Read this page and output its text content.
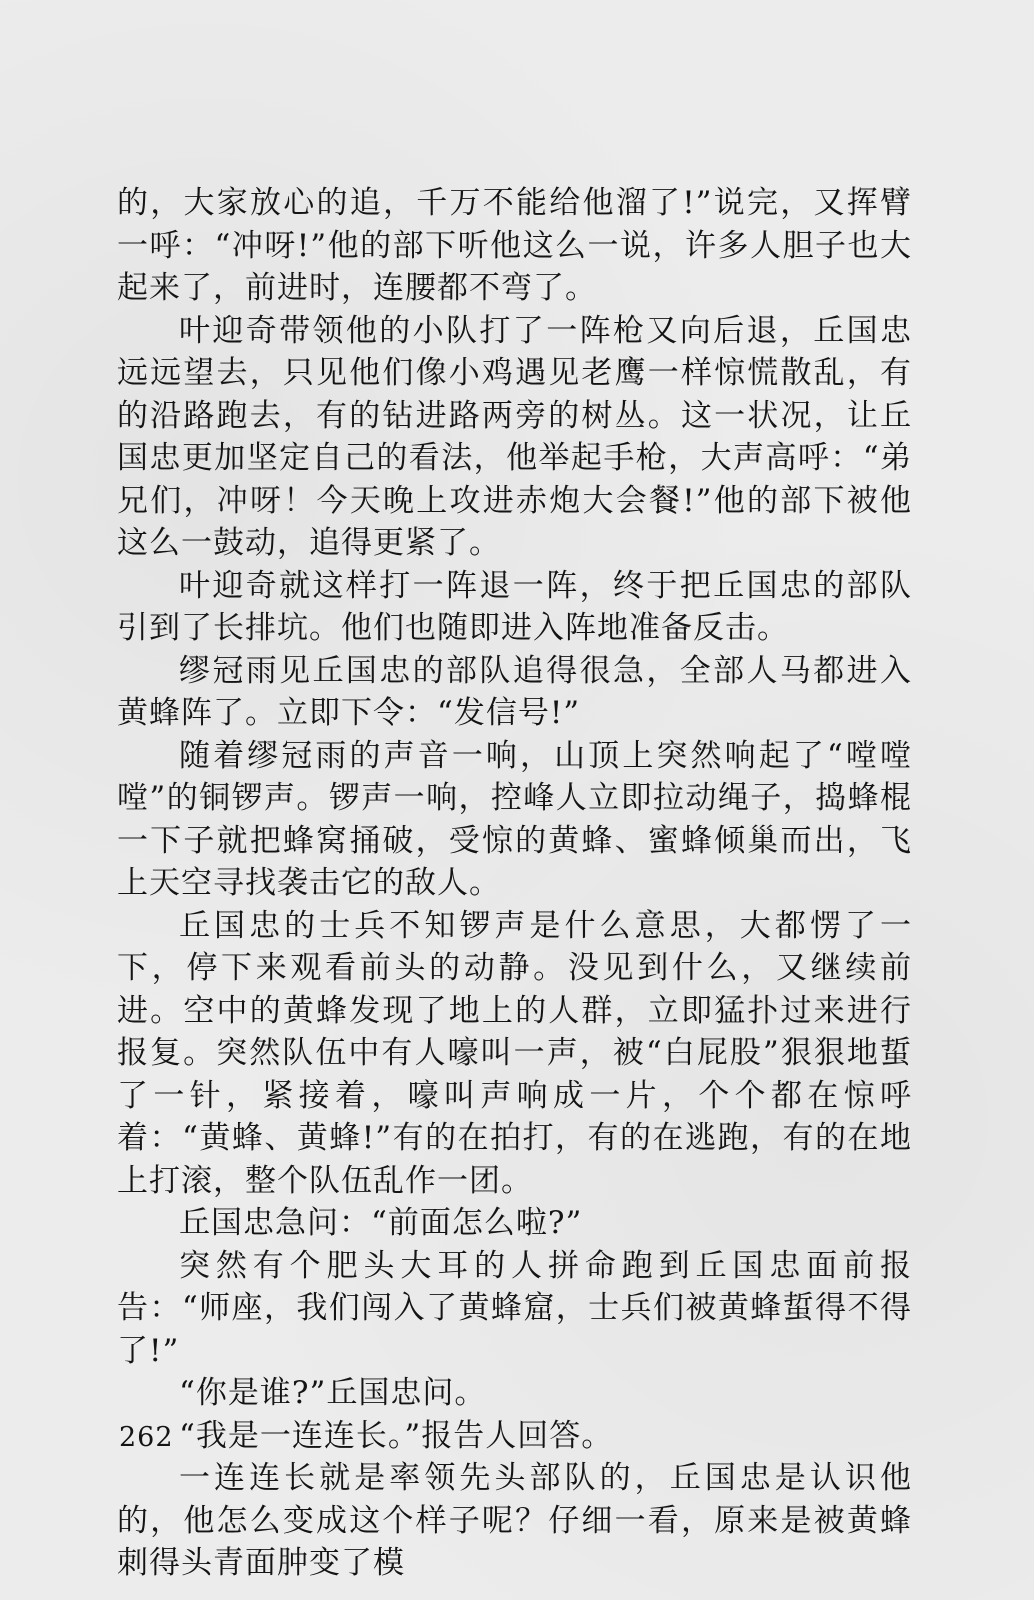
的，大家放心的追，千万不能给他溜了!”说完，又挥臂一呼：“冲呀!”他的部下听他这么一说，许多人胆子也大起来了，前进时，连腰都不弯了。

叶迎奇带领他的小队打了一阵枪又向后退，丘国忠远远望去，只见他们像小鸡遇见老鹰一样惊慌散乱，有的沿路跑去，有的钻进路两旁的树丛。这一状况，让丘国忠更加坚定自己的看法，他举起手枪，大声高呼：“弟兄们，冲呀！今天晚上攻进赤炮大会餐!”他的部下被他这么一鼓动，追得更紧了。

叶迎奇就这样打一阵退一阵，终于把丘国忠的部队引到了长排坑。他们也随即进入阵地准备反击。

缪冠雨见丘国忠的部队追得很急，全部人马都进入黄蜂阵了。立即下令：“发信号!”

随着缪冠雨的声音一响，山顶上突然响起了“嘡嘡嘡”的铜锣声。锣声一响，控峰人立即拉动绳子，捣蜂棍一下子就把蜂窝捅破，受惊的黄蜂、蜜蜂倾巢而出，飞上天空寻找袭击它的敌人。

丘国忠的士兵不知锣声是什么意思，大都愣了一下，停下来观看前头的动静。没见到什么，又继续前进。空中的黄蜂发现了地上的人群，立即猛扑过来进行报复。突然队伍中有人嚎叫一声，被“白屁股”狠狠地蜇了一针，紧接着，嚎叫声响成一片，个个都在惊呼着：“黄蜂、黄蜂!”有的在拍打，有的在逃跑，有的在地上打滚，整个队伍乱作一团。

丘国忠急问：“前面怎么啦?”

突然有个肥头大耳的人拼命跑到丘国忠面前报告：“师座，我们闯入了黄蜂窟，士兵们被黄蜂蜇得不得了!”

“你是谁?”丘国忠问。

“我是一连连长。”报告人回答。

一连连长就是率领先头部队的，丘国忠是认识他的，他怎么变成这个样子呢？仔细一看，原来是被黄蜂刺得头青面肿变了模

262
